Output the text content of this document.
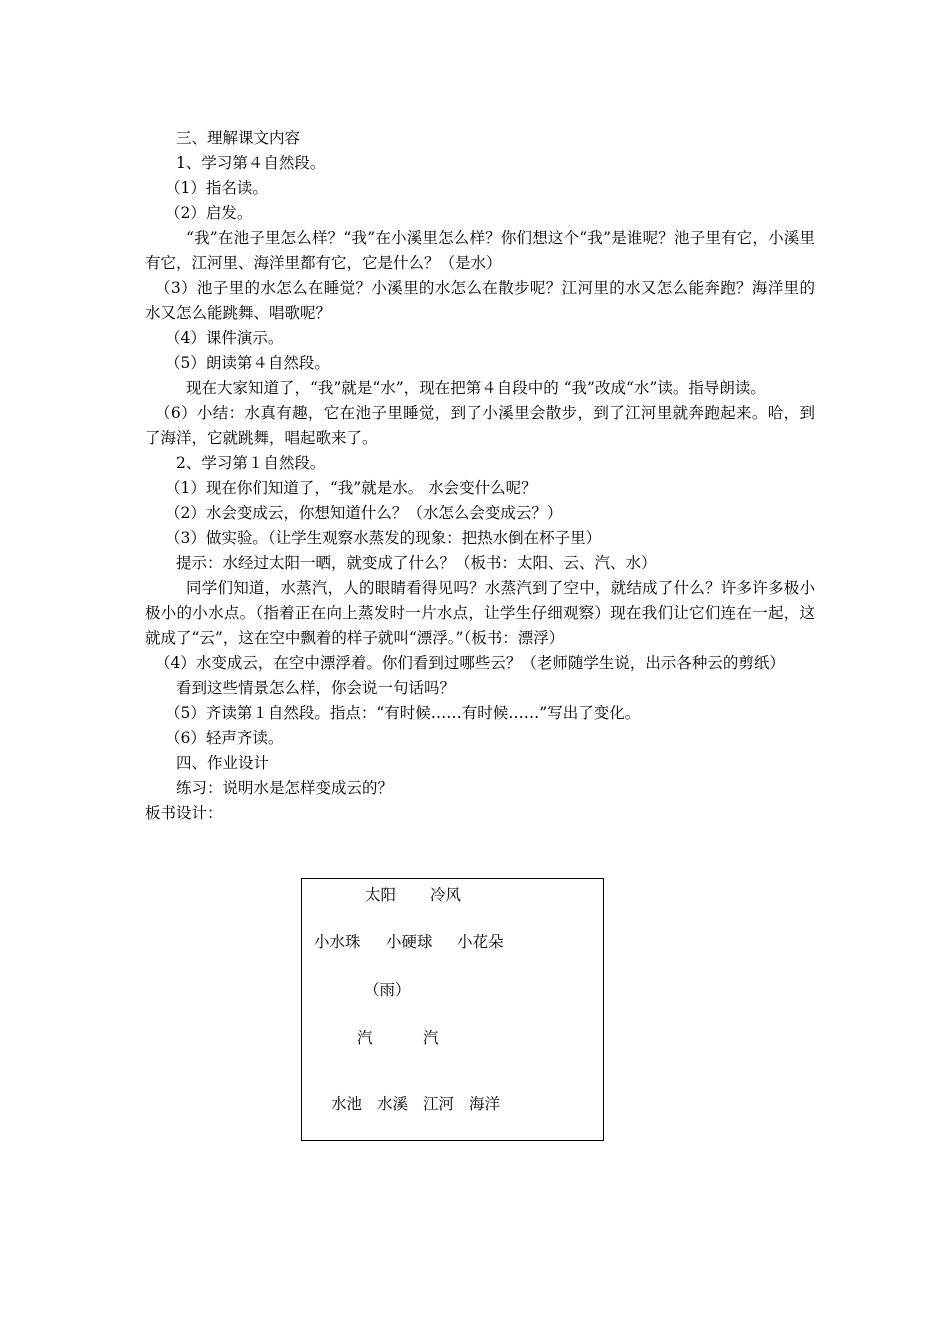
三、理解课文内容
1、学习第４自然段。
（1）指名读。
（2）启发。
“我”在池子里怎么样？“我”在小溪里怎么样？你们想这个“我”是谁呢？池子里有它，小溪里有它，江河里、海洋里都有它，它是什么？（是水）
（3）池子里的水怎么在睡觉？小溪里的水怎么在散步呢？江河里的水又怎么能奔跑？海洋里的水又怎么能跳舞、唱歌呢？
（4）课件演示。
（5）朗读第４自然段。
现在大家知道了，“我”就是“水”，现在把第４自段中的 “我”改成“水”读。指导朗读。
（6）小结：水真有趣，它在池子里睡觉，到了小溪里会散步，到了江河里就奔跑起来。哈，到了海洋，它就跳舞，唱起歌来了。
2、学习第１自然段。
（1）现在你们知道了，“我”就是水。 水会变什么呢？
（2）水会变成云，你想知道什么？（水怎么会变成云？）
（3）做实验。（让学生观察水蒸发的现象：把热水倒在杯子里）
提示：水经过太阳一晒，就变成了什么？（板书：太阳、云、汽、水）
同学们知道，水蒸汽，人的眼睛看得见吗？水蒸汽到了空中，就结成了什么？许多许多极小极小的小水点。（指着正在向上蒸发时一片水点，让学生仔细观察）现在我们让它们连在一起，这就成了“云”，这在空中飘着的样子就叫“漂浮。”（板书：漂浮）
（4）水变成云，在空中漂浮着。你们看到过哪些云？（老师随学生说，出示各种云的剪纸）
看到这些情景怎么样，你会说一句话吗？
（5）齐读第１自然段。指点：“有时候……有时候……”写出了变化。
（6）轻声齐读。
四、作业设计
练习：说明水是怎样变成云的？
板书设计：
太阳 冷风
小水珠 小硬球 小花朵
（雨）
汽	汽
水池 水溪 江河 海洋
